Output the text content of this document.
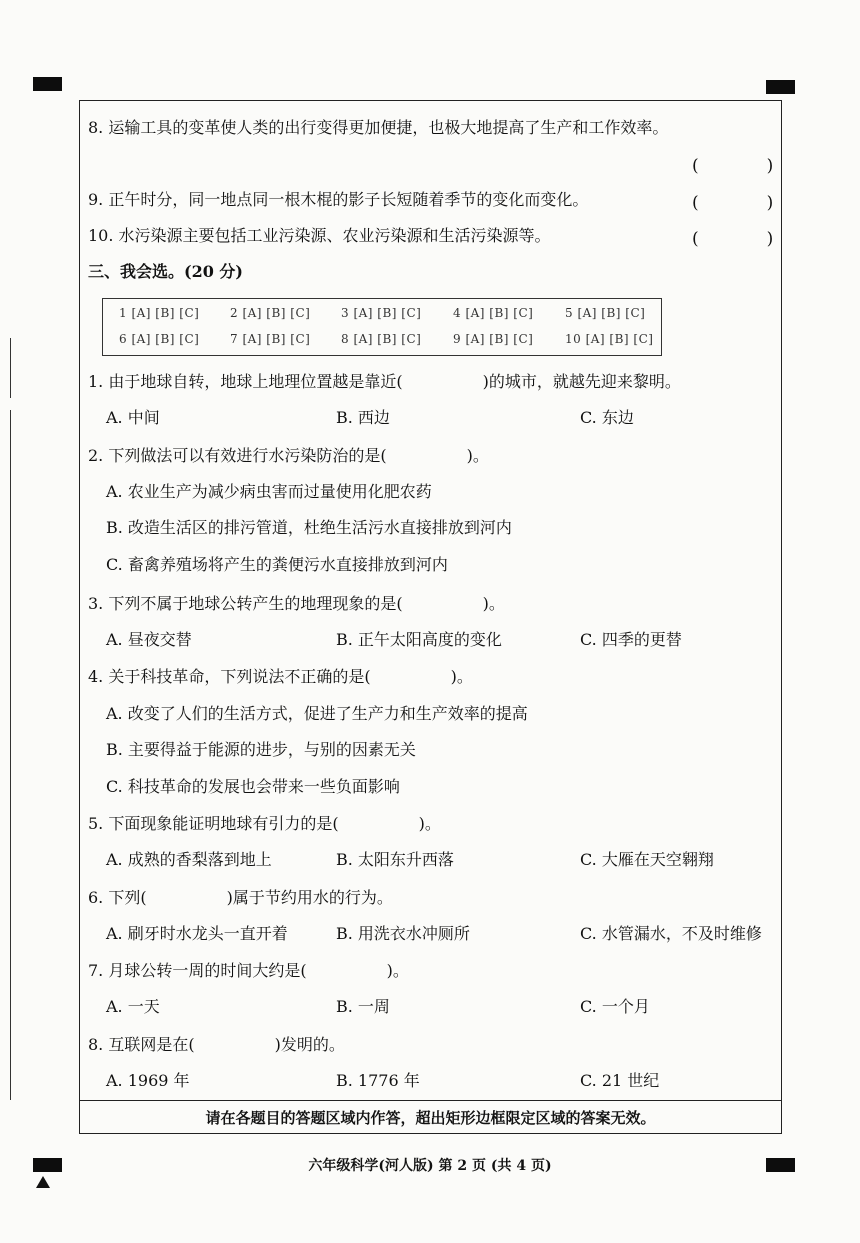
8. 运输工具的变革使人类的出行变得更加便捷，也极大地提高了生产和工作效率。
(　　　　)
9. 正午时分，同一地点同一根木棍的影子长短随着季节的变化而变化。	(　　　　)
10. 水污染源主要包括工业污染源、农业污染源和生活污染源等。	(　　　　)
三、我会选。(20 分)
1 [A] [B] [C]	2 [A] [B] [C]	3 [A] [B] [C]	4 [A] [B] [C]	5 [A] [B] [C]
6 [A] [B] [C]	7 [A] [B] [C]	8 [A] [B] [C]	9 [A] [B] [C]	10 [A] [B] [C]
1. 由于地球自转，地球上地理位置越是靠近(　　　　　)的城市，就越先迎来黎明。
A. 中间	B. 西边	C. 东边
2. 下列做法可以有效进行水污染防治的是(　　　　　)。
A. 农业生产为减少病虫害而过量使用化肥农药
B. 改造生活区的排污管道，杜绝生活污水直接排放到河内
C. 畜禽养殖场将产生的粪便污水直接排放到河内
3. 下列不属于地球公转产生的地理现象的是(　　　　　)。
A. 昼夜交替	B. 正午太阳高度的变化	C. 四季的更替
4. 关于科技革命，下列说法不正确的是(　　　　　)。
A. 改变了人们的生活方式，促进了生产力和生产效率的提高
B. 主要得益于能源的进步，与别的因素无关
C. 科技革命的发展也会带来一些负面影响
5. 下面现象能证明地球有引力的是(　　　　　)。
A. 成熟的香梨落到地上	B. 太阳东升西落	C. 大雁在天空翱翔
6. 下列(　　　　　)属于节约用水的行为。
A. 刷牙时水龙头一直开着	B. 用洗衣水冲厕所	C. 水管漏水，不及时维修
7. 月球公转一周的时间大约是(　　　　　)。
A. 一天	B. 一周	C. 一个月
8. 互联网是在(　　　　　)发明的。
A. 1969 年	B. 1776 年	C. 21 世纪
请在各题目的答题区域内作答，超出矩形边框限定区域的答案无效。
六年级科学(河人版) 第 2 页 (共 4 页)
